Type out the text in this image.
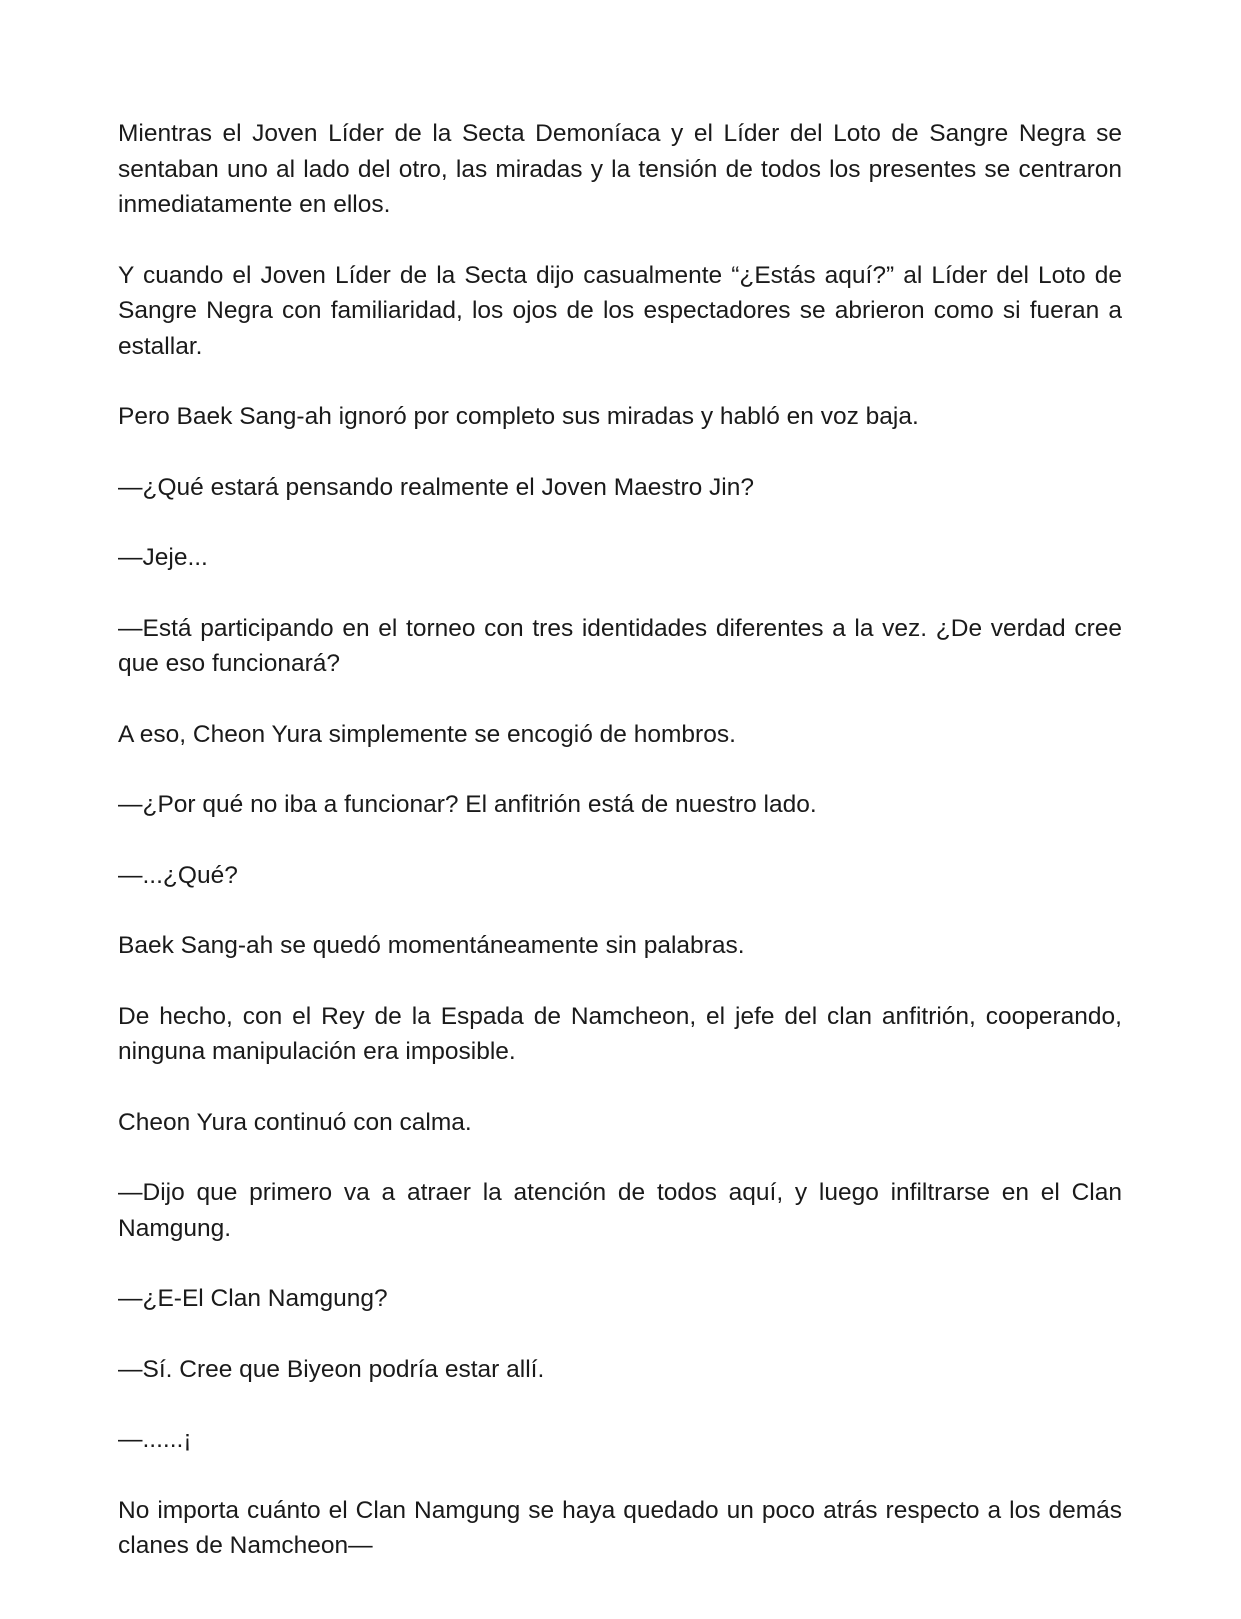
Mientras el Joven Líder de la Secta Demoníaca y el Líder del Loto de Sangre Negra se sentaban uno al lado del otro, las miradas y la tensión de todos los presentes se centraron inmediatamente en ellos.

Y cuando el Joven Líder de la Secta dijo casualmente “¿Estás aquí?” al Líder del Loto de Sangre Negra con familiaridad, los ojos de los espectadores se abrieron como si fueran a estallar.

Pero Baek Sang-ah ignoró por completo sus miradas y habló en voz baja.

—¿Qué estará pensando realmente el Joven Maestro Jin?

—Jeje...

—Está participando en el torneo con tres identidades diferentes a la vez. ¿De verdad cree que eso funcionará?

A eso, Cheon Yura simplemente se encogió de hombros.

—¿Por qué no iba a funcionar? El anfitrión está de nuestro lado.

—...¿Qué?

Baek Sang-ah se quedó momentáneamente sin palabras.

De hecho, con el Rey de la Espada de Namcheon, el jefe del clan anfitrión, cooperando, ninguna manipulación era imposible.

Cheon Yura continuó con calma.

—Dijo que primero va a atraer la atención de todos aquí, y luego infiltrarse en el Clan Namgung.

—¿E-El Clan Namgung?

—Sí. Cree que Biyeon podría estar allí.

—......¡

No importa cuánto el Clan Namgung se haya quedado un poco atrás respecto a los demás clanes de Namcheon—
